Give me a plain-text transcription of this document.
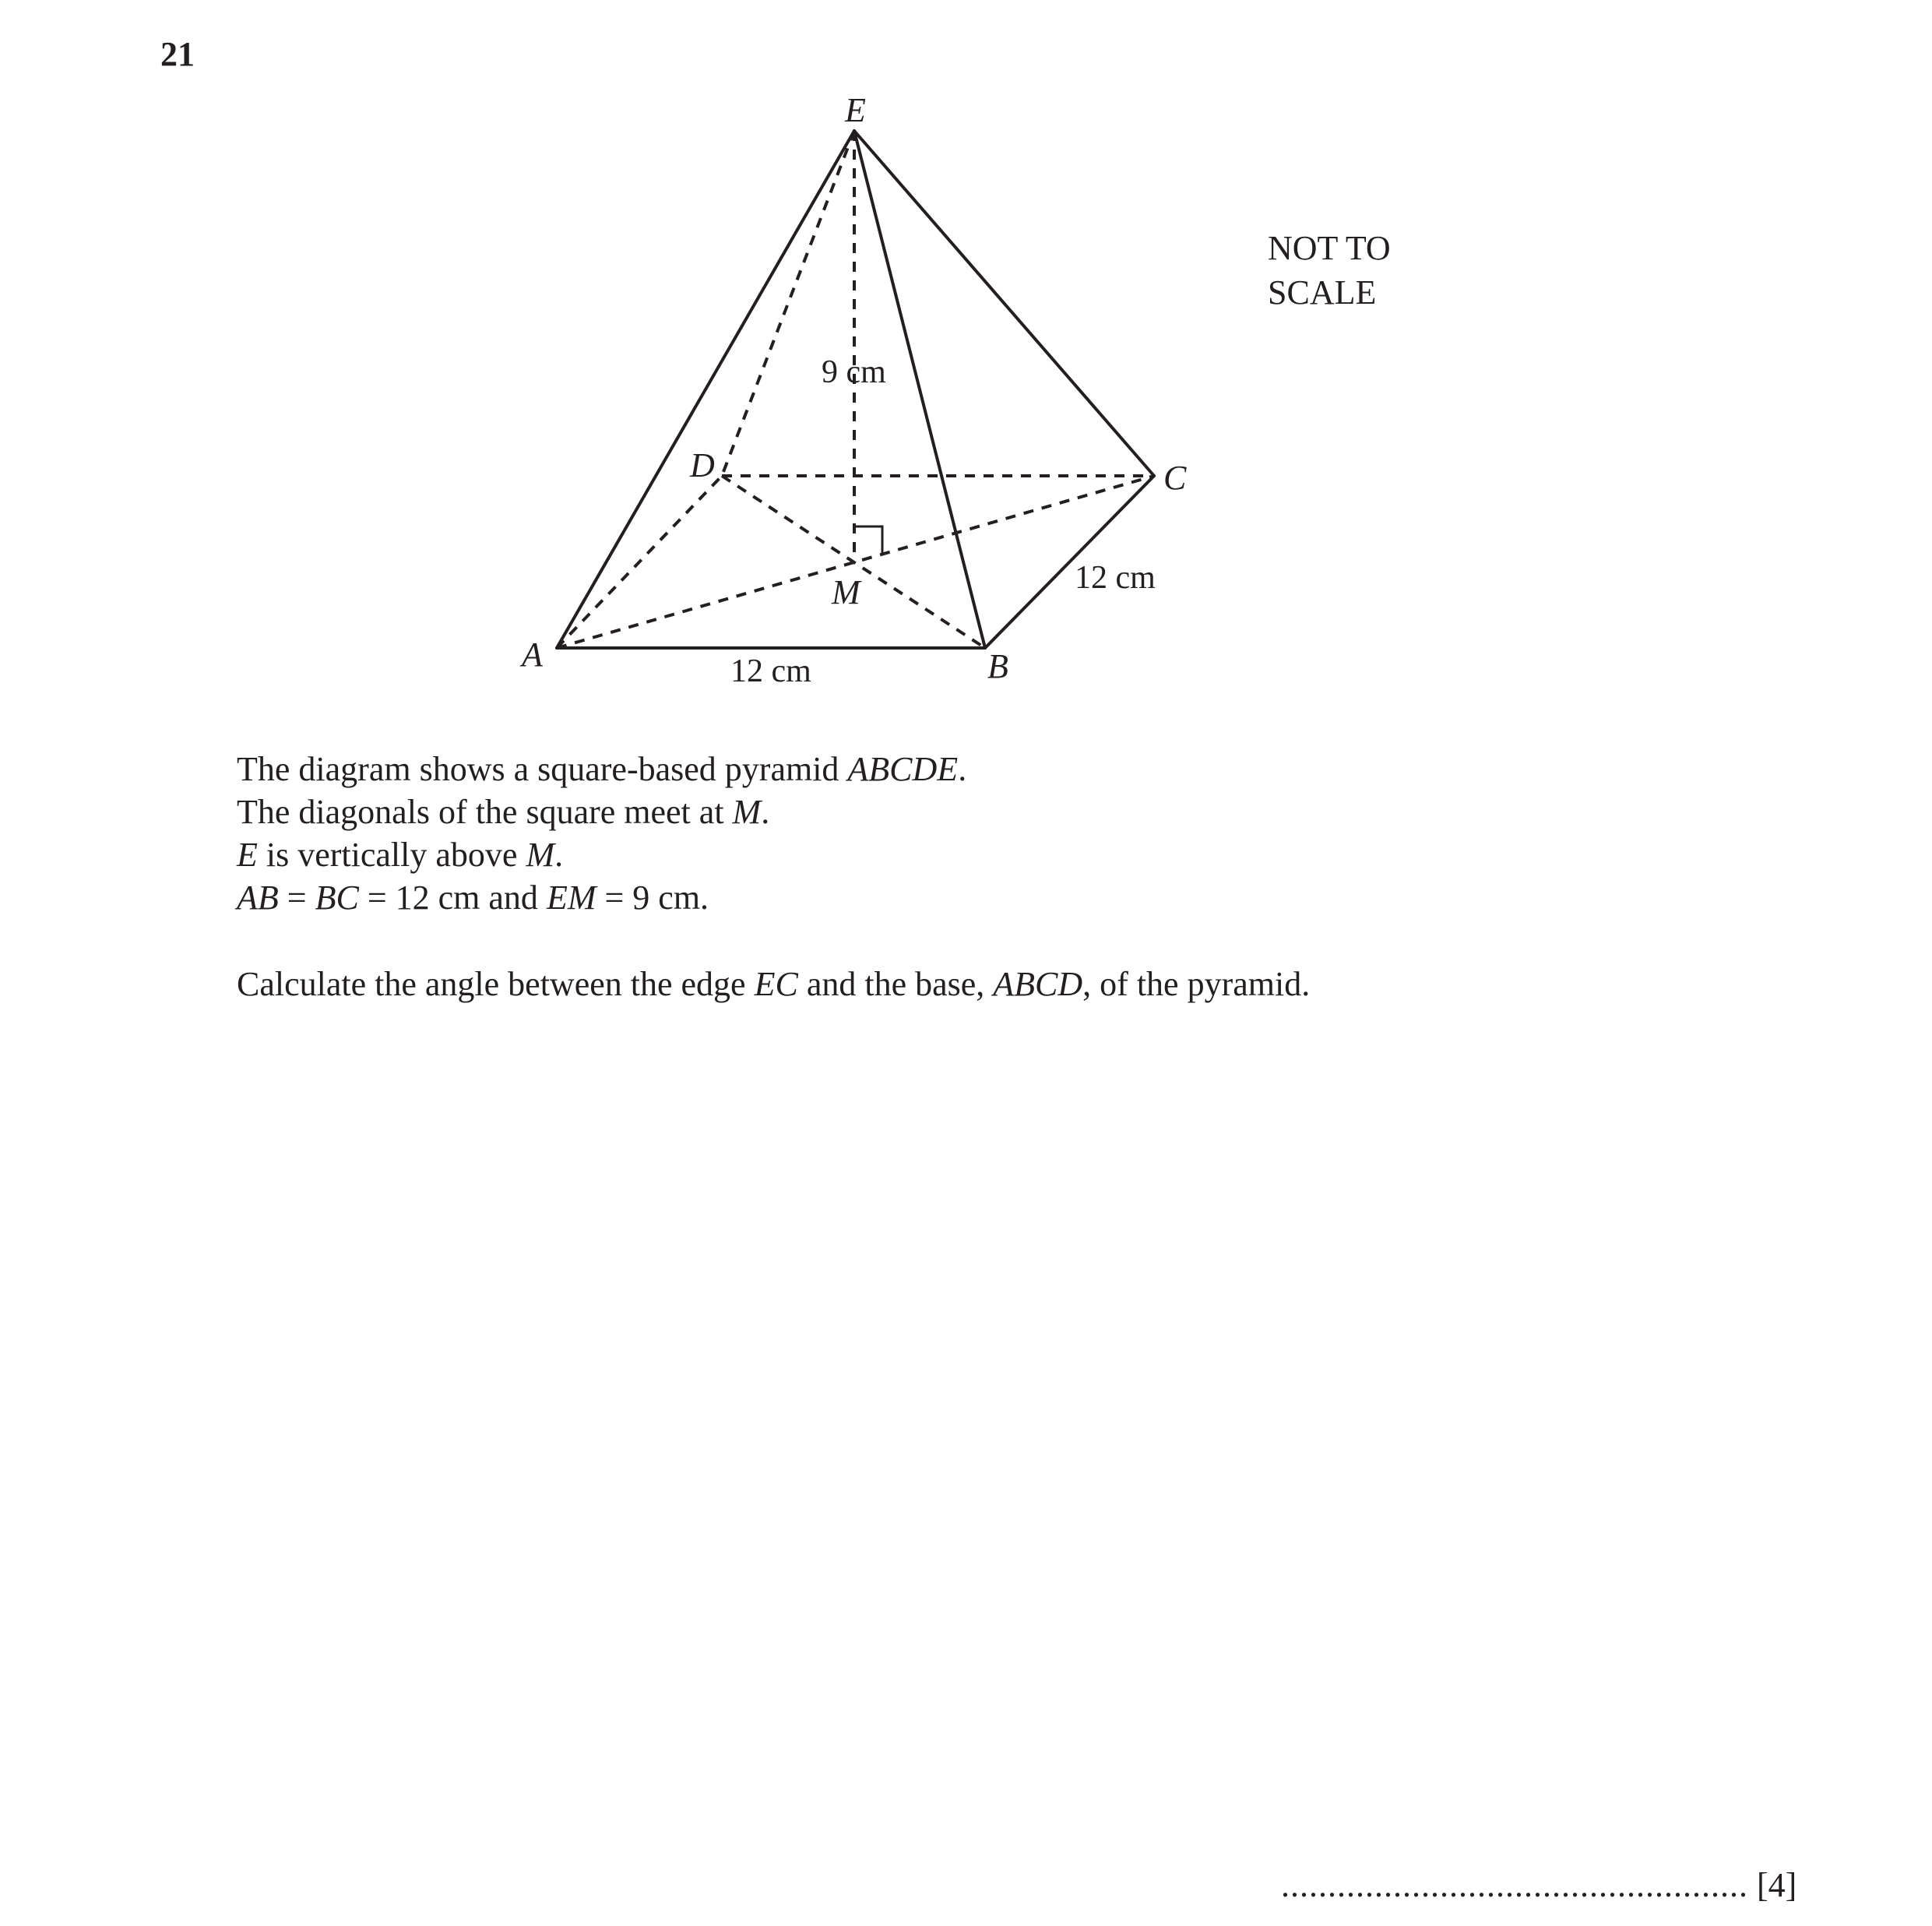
21
E
D	C
M
A	B
9 cm
12 cm
12 cm
NOT TO
SCALE
The diagram shows a square-based pyramid ABCDE.
The diagonals of the square meet at M.
E is vertically above M.
AB = BC = 12 cm and EM = 9 cm.
Calculate the angle between the edge EC and the base, ABCD, of the pyramid.
.................................................. [4]
